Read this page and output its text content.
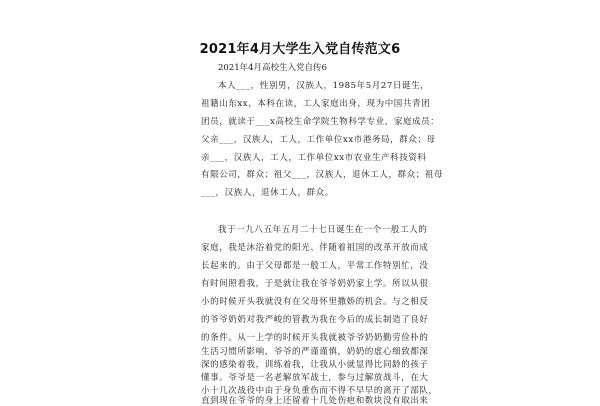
2021年4月大学生入党自传范文6
2021年4月高校生入党自传6
本人___，性别男，汉族人，1985年5月27日诞生，
祖籍山东xx，本科在读，工人家庭出身，现为中国共青团
团员，就读于___x高校生命学院生物科学专业，家庭成员：
父亲___，汉族人，工人，工作单位xx市港务局，群众；母
亲___，汉族人，工人，工作单位xx市农业生产科技资料
有限公司，群众；祖父___，汉族人，退休工人，群众；祖母
___，汉族人，退休工人，群众。
我于一九八五年五月二十七日诞生在一个一般工人的
家庭，我是沐浴着党的阳光、伴随着祖国的改革开放而成
长起来的。由于父母都是一般工人，平常工作特别忙，没
有时间照看我，于是就让我在爷爷奶奶家上学。所以从很
小的时候开头我就没有在父母怀里撒娇的机会。与之相反
的爷爷奶奶对我严峻的管教为我在今后的成长制造了良好
的条件。从一上学的时候开头我就被爷爷奶奶勤劳俭朴的
生活习惯所影响，爷爷的严谨谨慎，奶奶的虚心细致都深
深的感染着我，训练着我，让我从小就显得比同龄的孩子
懂事。爷爷是一名老解放军战士，参与过解放战斗，在大
小十几次战役中由于身负重伤而不得不早早的离开了部队，
直到现在爷爷的身上还留着十几处伤疤和数块没有取出来
